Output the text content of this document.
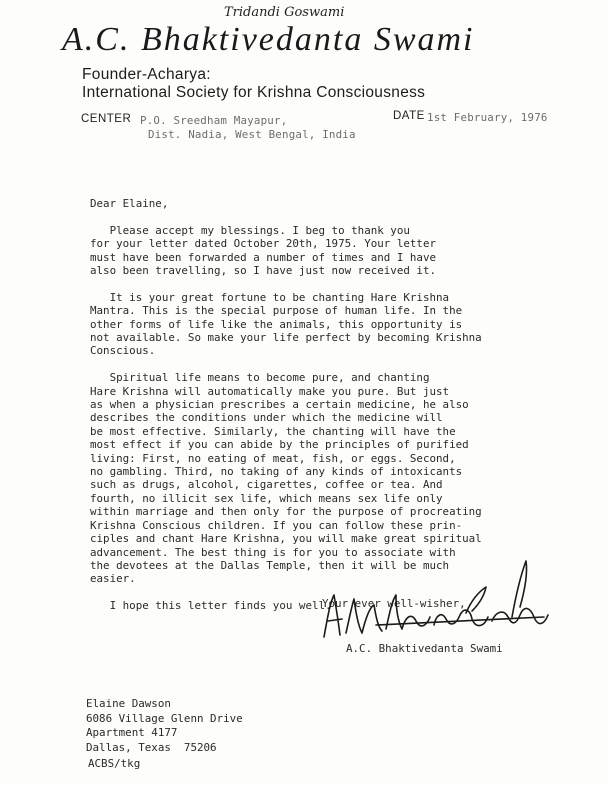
Tridandi Goswami
A.C. Bhaktivedanta Swami
Founder-Acharya:
International Society for Krishna Consciousness
CENTER P.O. Sreedham Mayapur,
Dist. Nadia, West Bengal, India
DATE 1st February, 1976
Dear Elaine,
Please accept my blessings. I beg to thank you
for your letter dated October 20th, 1975. Your letter
must have been forwarded a number of times and I have
also been travelling, so I have just now received it.
It is your great fortune to be chanting Hare Krishna
Mantra. This is the special purpose of human life. In the
other forms of life like the animals, this opportunity is
not available. So make your life perfect by becoming Krishna
Conscious.
Spiritual life means to become pure, and chanting
Hare Krishna will automatically make you pure. But just
as when a physician prescribes a certain medicine, he also
describes the conditions under which the medicine will
be most effective. Similarly, the chanting will have the
most effect if you can abide by the principles of purified
living: First, no eating of meat, fish, or eggs. Second,
no gambling. Third, no taking of any kinds of intoxicants
such as drugs, alcohol, cigarettes, coffee or tea. And
fourth, no illicit sex life, which means sex life only
within marriage and then only for the purpose of procreating
Krishna Conscious children. If you can follow these prin-
ciples and chant Hare Krishna, you will make great spiritual
advancement. The best thing is for you to associate with
the devotees at the Dallas Temple, then it will be much
easier.
I hope this letter finds you well.
Your ever well-wisher,
A.C. Bhaktivedanta Swami
Elaine Dawson
6086 Village Glenn Drive
Apartment 4177
Dallas, Texas  75206
ACBS/tkg
